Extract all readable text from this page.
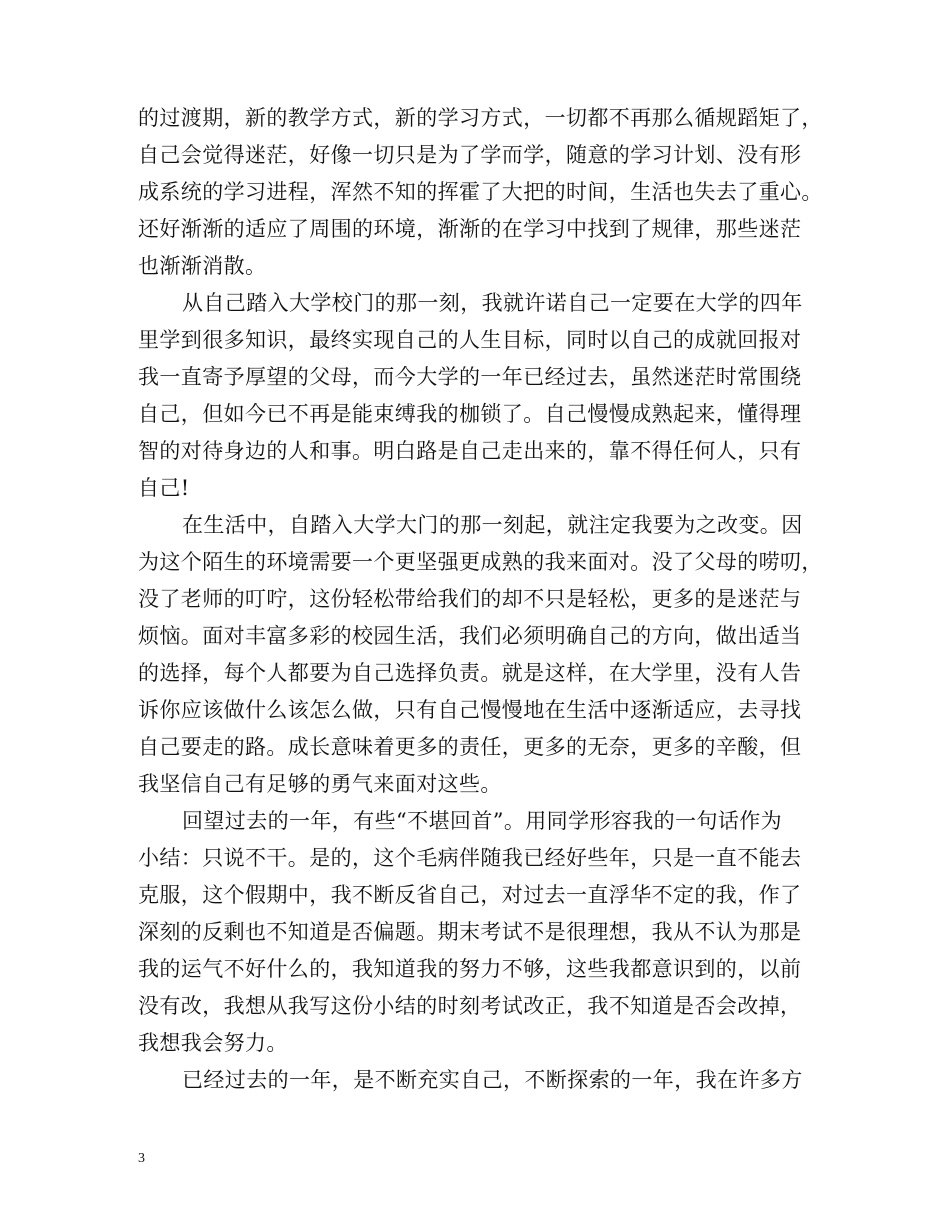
的过渡期，新的教学方式，新的学习方式，一切都不再那么循规蹈矩了，
自己会觉得迷茫，好像一切只是为了学而学，随意的学习计划、没有形
成系统的学习进程，浑然不知的挥霍了大把的时间，生活也失去了重心。
还好渐渐的适应了周围的环境，渐渐的在学习中找到了规律，那些迷茫
也渐渐消散。
从自己踏入大学校门的那一刻，我就许诺自己一定要在大学的四年
里学到很多知识，最终实现自己的人生目标，同时以自己的成就回报对
我一直寄予厚望的父母，而今大学的一年已经过去，虽然迷茫时常围绕
自己，但如今已不再是能束缚我的枷锁了。自己慢慢成熟起来，懂得理
智的对待身边的人和事。明白路是自己走出来的，靠不得任何人，只有
自己!
在生活中，自踏入大学大门的那一刻起，就注定我要为之改变。因
为这个陌生的环境需要一个更坚强更成熟的我来面对。没了父母的唠叨，
没了老师的叮咛，这份轻松带给我们的却不只是轻松，更多的是迷茫与
烦恼。面对丰富多彩的校园生活，我们必须明确自己的方向，做出适当
的选择，每个人都要为自己选择负责。就是这样，在大学里，没有人告
诉你应该做什么该怎么做，只有自己慢慢地在生活中逐渐适应，去寻找
自己要走的路。成长意味着更多的责任，更多的无奈，更多的辛酸，但
我坚信自己有足够的勇气来面对这些。
回望过去的一年，有些“不堪回首”。用同学形容我的一句话作为
小结：只说不干。是的，这个毛病伴随我已经好些年，只是一直不能去
克服，这个假期中，我不断反省自己，对过去一直浮华不定的我，作了
深刻的反剩也不知道是否偏题。期末考试不是很理想，我从不认为那是
我的运气不好什么的，我知道我的努力不够，这些我都意识到的，以前
没有改，我想从我写这份小结的时刻考试改正，我不知道是否会改掉，
我想我会努力。
已经过去的一年，是不断充实自己，不断探索的一年，我在许多方
3
